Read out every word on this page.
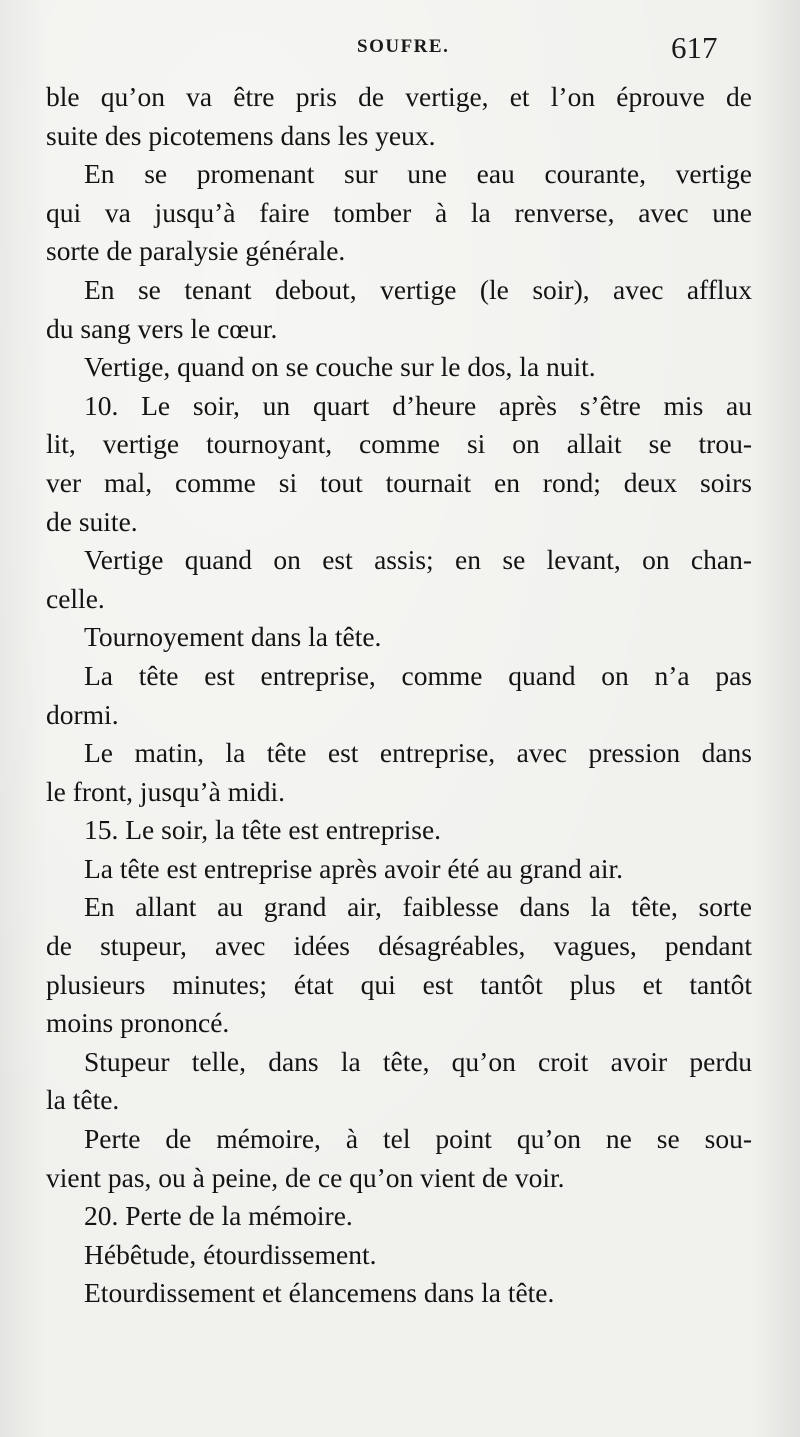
SOUFRE.	617
ble qu’on va être pris de vertige, et l’on éprouve de
suite des picotemens dans les yeux.
En se promenant sur une eau courante, vertige
qui va jusqu’à faire tomber à la renverse, avec une
sorte de paralysie générale.
En se tenant debout, vertige (le soir), avec afflux
du sang vers le cœur.
Vertige, quand on se couche sur le dos, la nuit.
10. Le soir, un quart d’heure après s’être mis au
lit, vertige tournoyant, comme si on allait se trou-
ver mal, comme si tout tournait en rond; deux soirs
de suite.
Vertige quand on est assis; en se levant, on chan-
celle.
Tournoyement dans la tête.
La tête est entreprise, comme quand on n’a pas
dormi.
Le matin, la tête est entreprise, avec pression dans
le front, jusqu’à midi.
15. Le soir, la tête est entreprise.
La tête est entreprise après avoir été au grand air.
En allant au grand air, faiblesse dans la tête, sorte
de stupeur, avec idées désagréables, vagues, pendant
plusieurs minutes; état qui est tantôt plus et tantôt
moins prononcé.
Stupeur telle, dans la tête, qu’on croit avoir perdu
la tête.
Perte de mémoire, à tel point qu’on ne se sou-
vient pas, ou à peine, de ce qu’on vient de voir.
20. Perte de la mémoire.
Hébêtude, étourdissement.
Etourdissement et élancemens dans la tête.
